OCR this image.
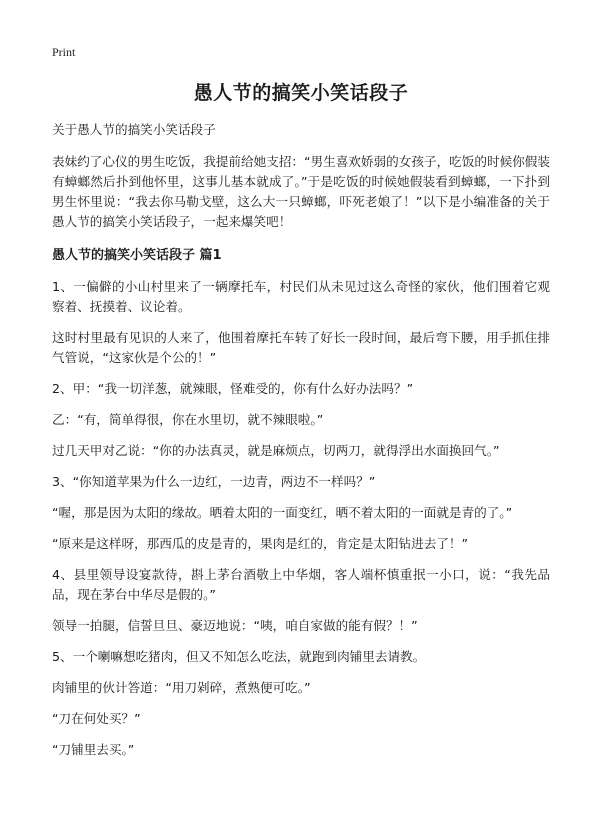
Print
愚人节的搞笑小笑话段子
关于愚人节的搞笑小笑话段子

表妹约了心仪的男生吃饭，我提前给她支招：“男生喜欢娇弱的女孩子，吃饭的时候你假装有蟑螂然后扑到他怀里，这事儿基本就成了。”于是吃饭的时候她假装看到蟑螂，一下扑到男生怀里说：“我去你马勒戈壁，这么大一只蟑螂，吓死老娘了！”以下是小编准备的关于愚人节的搞笑小笑话段子，一起来爆笑吧！

愚人节的搞笑小笑话段子 篇1

1、一偏僻的小山村里来了一辆摩托车，村民们从未见过这么奇怪的家伙，他们围着它观察着、抚摸着、议论着。

这时村里最有见识的人来了，他围着摩托车转了好长一段时间，最后弯下腰，用手抓住排气管说，“这家伙是个公的！”

2、甲：“我一切洋葱，就辣眼，怪难受的，你有什么好办法吗？”

乙：“有，简单得很，你在水里切，就不辣眼啦。”

过几天甲对乙说：“你的办法真灵，就是麻烦点，切两刀，就得浮出水面换回气。”

3、“你知道苹果为什么一边红，一边青，两边不一样吗？”

“喔，那是因为太阳的缘故。晒着太阳的一面变红，晒不着太阳的一面就是青的了。”

“原来是这样呀，那西瓜的皮是青的，果肉是红的，肯定是太阳钻进去了！”

4、县里领导设宴款待，斟上茅台酒敬上中华烟，客人端杯慎重抿一小口，说：“我先品品，现在茅台中华尽是假的。”

领导一拍腿，信誓旦旦、豪迈地说：“咦，咱自家做的能有假？！”

5、一个喇嘛想吃猪肉，但又不知怎么吃法，就跑到肉铺里去请教。

肉铺里的伙计答道：“用刀剁碎，煮熟便可吃。”

“刀在何处买？”

“刀铺里去买。”
